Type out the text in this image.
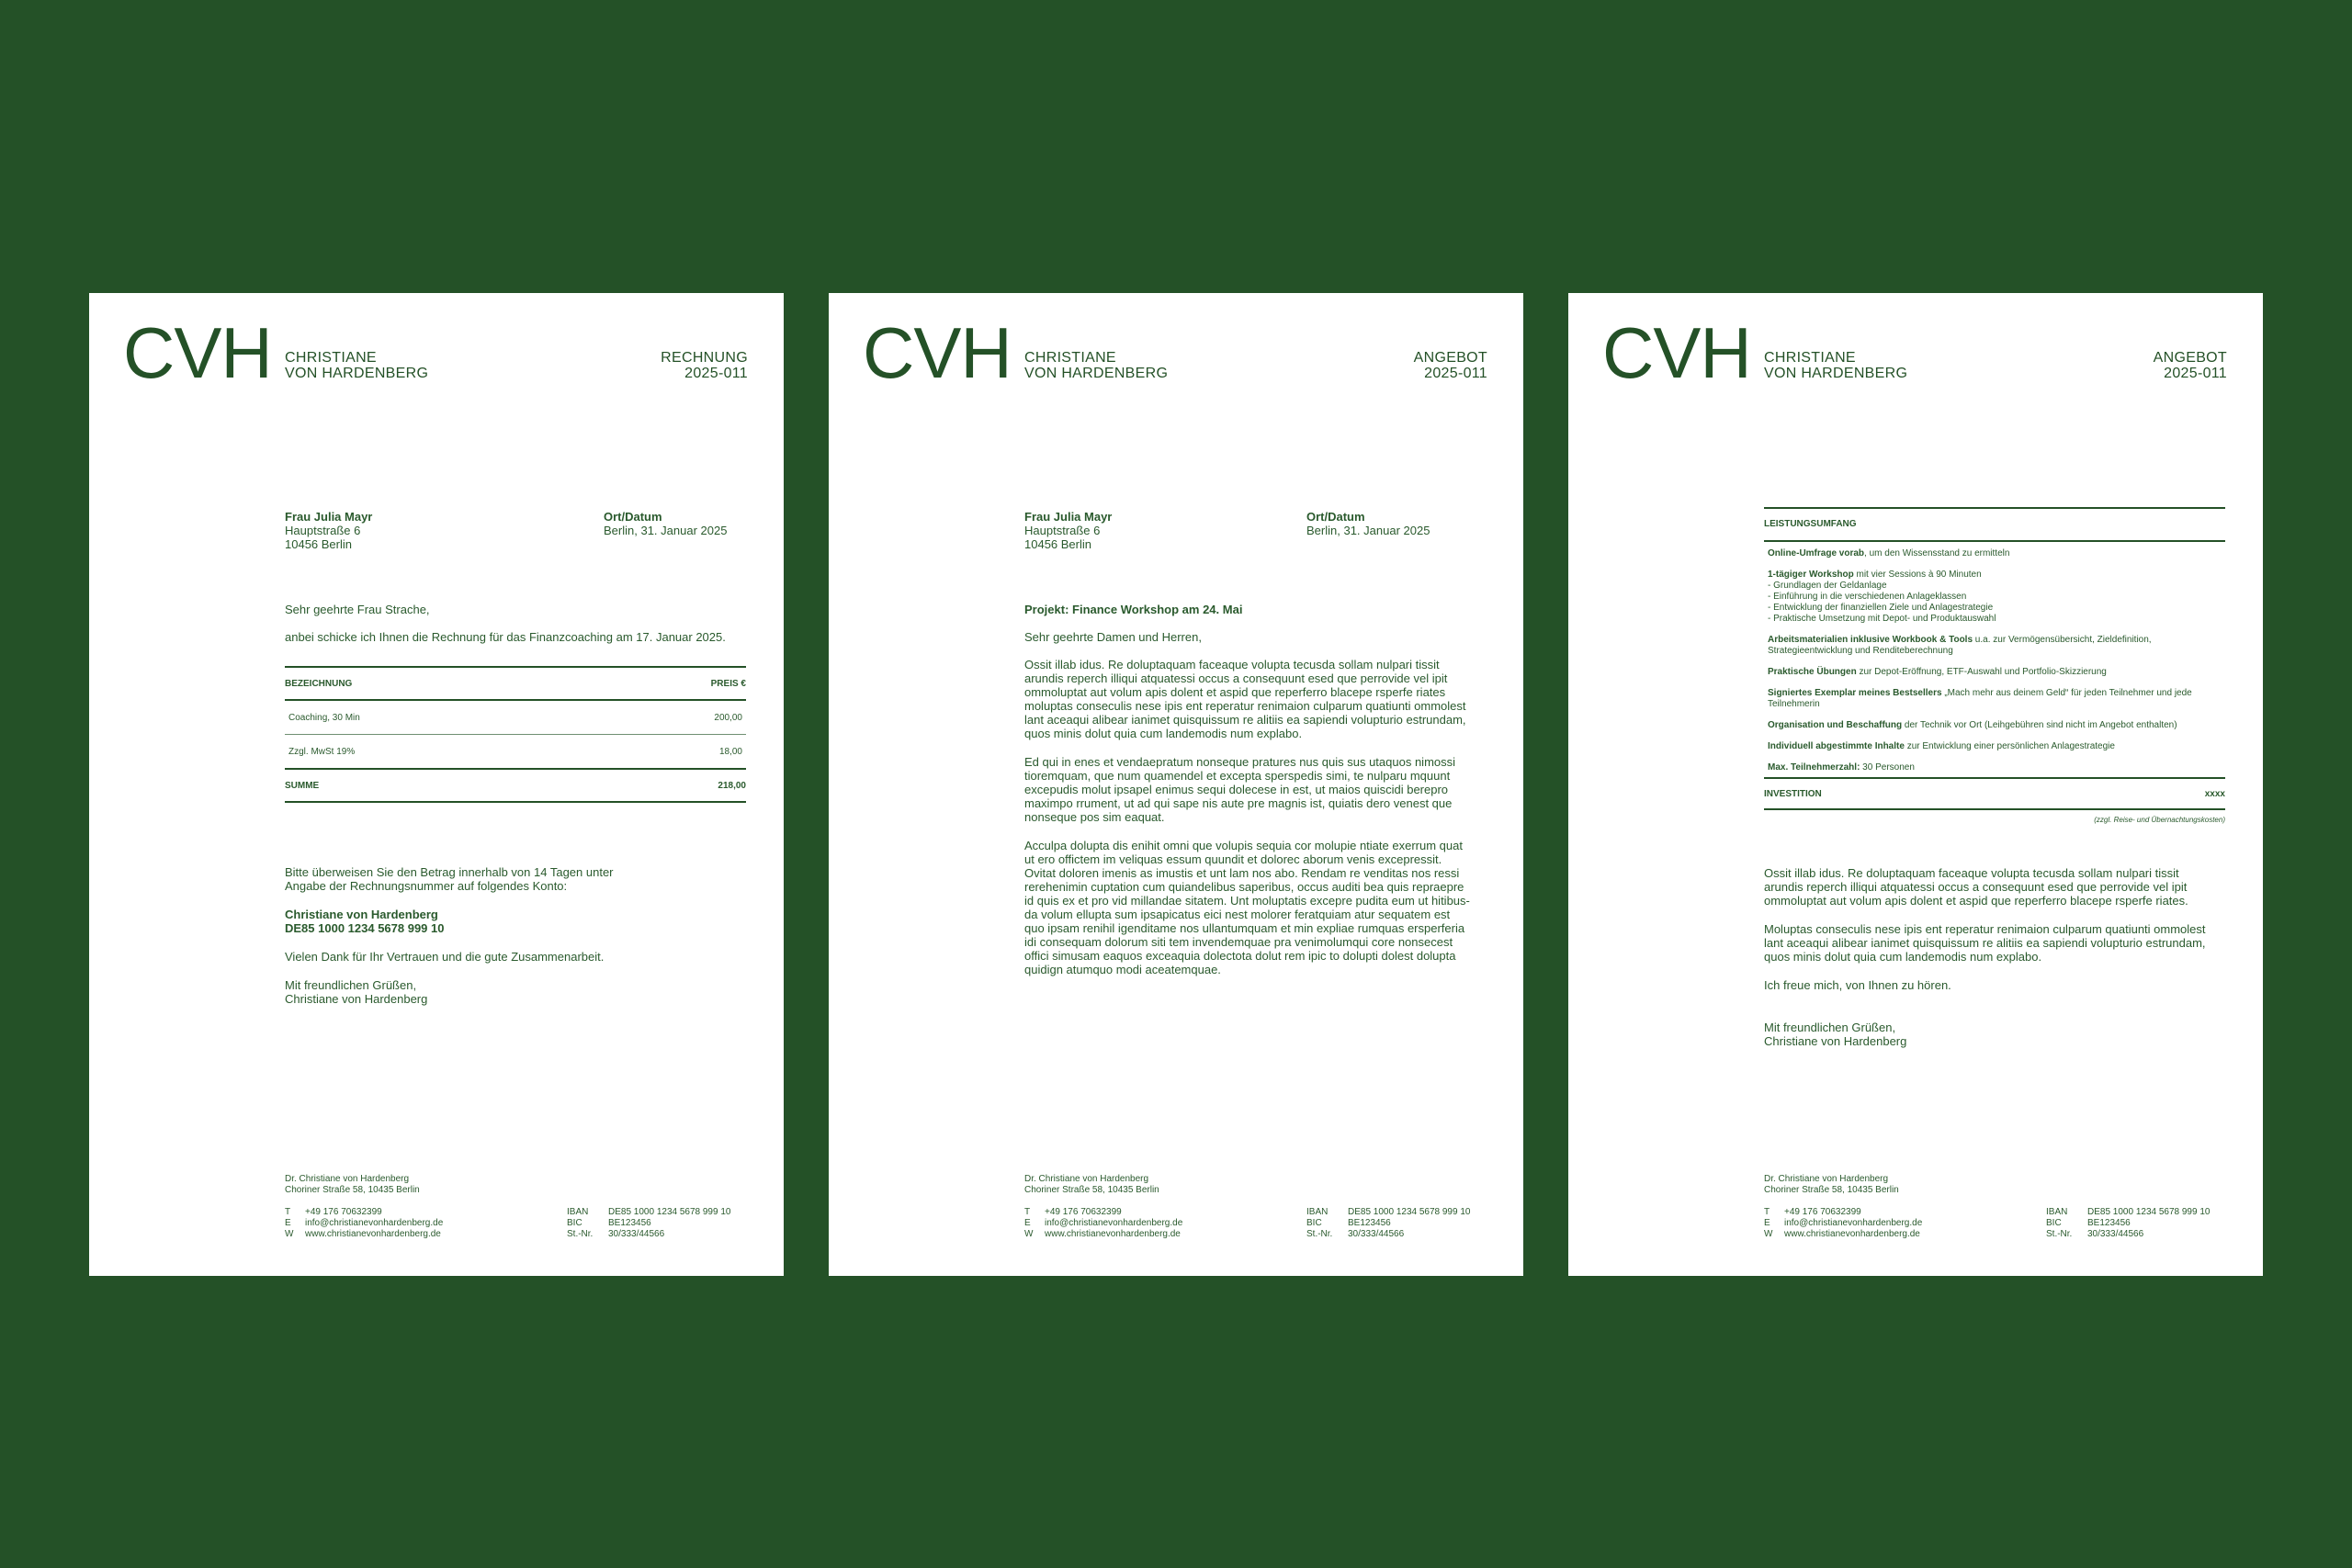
CVH CHRISTIANE
VON HARDENBERG
RECHNUNG
2025-011
Frau Julia Mayr
Hauptstraße 6
10456 Berlin
Ort/Datum
Berlin, 31. Januar 2025
Sehr geehrte Frau Strache,
anbei schicke ich Ihnen die Rechnung für das Finanzcoaching am 17. Januar 2025.
BEZEICHNUNG	PREIS €
Coaching, 30 Min	200,00
Zzgl. MwSt 19%	18,00
SUMME	218,00
Bitte überweisen Sie den Betrag innerhalb von 14 Tagen unter
Angabe der Rechnungsnummer auf folgendes Konto:
Christiane von Hardenberg
DE85 1000 1234 5678 999 10
Vielen Dank für Ihr Vertrauen und die gute Zusammenarbeit.
Mit freundlichen Grüßen,
Christiane von Hardenberg
Dr. Christiane von Hardenberg
Choriner Straße 58, 10435 Berlin
T +49 176 70632399
E info@christianevonhardenberg.de
W www.christianevonhardenberg.de
IBAN DE85 1000 1234 5678 999 10
BIC	BE123456
St.-Nr. 30/333/44566
CVH CHRISTIANE
VON HARDENBERG
ANGEBOT
2025-011
Frau Julia Mayr
Hauptstraße 6
10456 Berlin
Ort/Datum
Berlin, 31. Januar 2025
Projekt: Finance Workshop am 24. Mai
Sehr geehrte Damen und Herren,
Ossit illab idus. Re doluptaquam faceaque volupta tecusda sollam nulpari tissit
arundis reperch illiqui atquatessi occus a consequunt esed que perrovide vel ipit
ommoluptat aut volum apis dolent et aspid que reperferro blacepe rsperfe riates
moluptas conseculis nese ipis ent reperatur renimaion culparum quatiunti ommolest
lant aceaqui alibear ianimet quisquissum re alitiis ea sapiendi volupturio estrundam,
quos minis dolut quia cum landemodis num explabo.
Ed qui in enes et vendaepratum nonseque pratures nus quis sus utaquos nimossi
tioremquam, que num quamendel et excepta sperspedis simi, te nulparu mquunt
excepudis molut ipsapel enimus sequi dolecese in est, ut maios quiscidi berepro
maximpo rrument, ut ad qui sape nis aute pre magnis ist, quiatis dero venest que
nonseque pos sim eaquat.
Acculpa dolupta dis enihit omni que volupis sequia cor molupie ntiate exerrum quat
ut ero offictem im veliquas essum quundit et dolorec aborum venis excepressit.
Ovitat doloren imenis as imustis et unt lam nos abo. Rendam re venditas nos ressi
rerehenimin cuptation cum quiandelibus saperibus, occus auditi bea quis repraepre
id quis ex et pro vid millandae sitatem. Unt moluptatis excepre pudita eum ut hitibus-
da volum ellupta sum ipsapicatus eici nest molorer feratquiam atur sequatem est
quo ipsam renihil igenditame nos ullantumquam et min expliae rumquas ersperferia
idi consequam dolorum siti tem invendemquae pra venimolumqui core nonsecest
offici simusam eaquos exceaquia dolectota dolut rem ipic to dolupti dolest dolupta
quidign atumquo modi aceatemquae.
Dr. Christiane von Hardenberg
Choriner Straße 58, 10435 Berlin
T +49 176 70632399
E info@christianevonhardenberg.de
W www.christianevonhardenberg.de
IBAN DE85 1000 1234 5678 999 10
BIC	BE123456
St.-Nr. 30/333/44566
CVH CHRISTIANE
VON HARDENBERG
ANGEBOT
2025-011
LEISTUNGSUMFANG
Online-Umfrage vorab, um den Wissensstand zu ermitteln
1-tägiger Workshop mit vier Sessions à 90 Minuten
- Grundlagen der Geldanlage
- Einführung in die verschiedenen Anlageklassen
- Entwicklung der finanziellen Ziele und Anlagestrategie
- Praktische Umsetzung mit Depot- und Produktauswahl
Arbeitsmaterialien inklusive Workbook & Tools u.a. zur Vermögensübersicht, Zieldefinition,
Strategieentwicklung und Renditeberechnung
Praktische Übungen zur Depot-Eröffnung, ETF-Auswahl und Portfolio-Skizzierung
Signiertes Exemplar meines Bestsellers „Mach mehr aus deinem Geld“ für jeden Teilnehmer und jede
Teilnehmerin
Organisation und Beschaffung der Technik vor Ort (Leihgebühren sind nicht im Angebot enthalten)
Individuell abgestimmte Inhalte zur Entwicklung einer persönlichen Anlagestrategie
Max. Teilnehmerzahl: 30 Personen
INVESTITION	xxxx
(zzgl. Reise- und Übernachtungskosten)
Ossit illab idus. Re doluptaquam faceaque volupta tecusda sollam nulpari tissit
arundis reperch illiqui atquatessi occus a consequunt esed que perrovide vel ipit
ommoluptat aut volum apis dolent et aspid que reperferro blacepe rsperfe riates.
Moluptas conseculis nese ipis ent reperatur renimaion culparum quatiunti ommolest
lant aceaqui alibear ianimet quisquissum re alitiis ea sapiendi volupturio estrundam,
quos minis dolut quia cum landemodis num explabo.
Ich freue mich, von Ihnen zu hören.
Mit freundlichen Grüßen,
Christiane von Hardenberg
Dr. Christiane von Hardenberg
Choriner Straße 58, 10435 Berlin
T +49 176 70632399
E info@christianevonhardenberg.de
W www.christianevonhardenberg.de
IBAN DE85 1000 1234 5678 999 10
BIC	BE123456
St.-Nr. 30/333/44566
